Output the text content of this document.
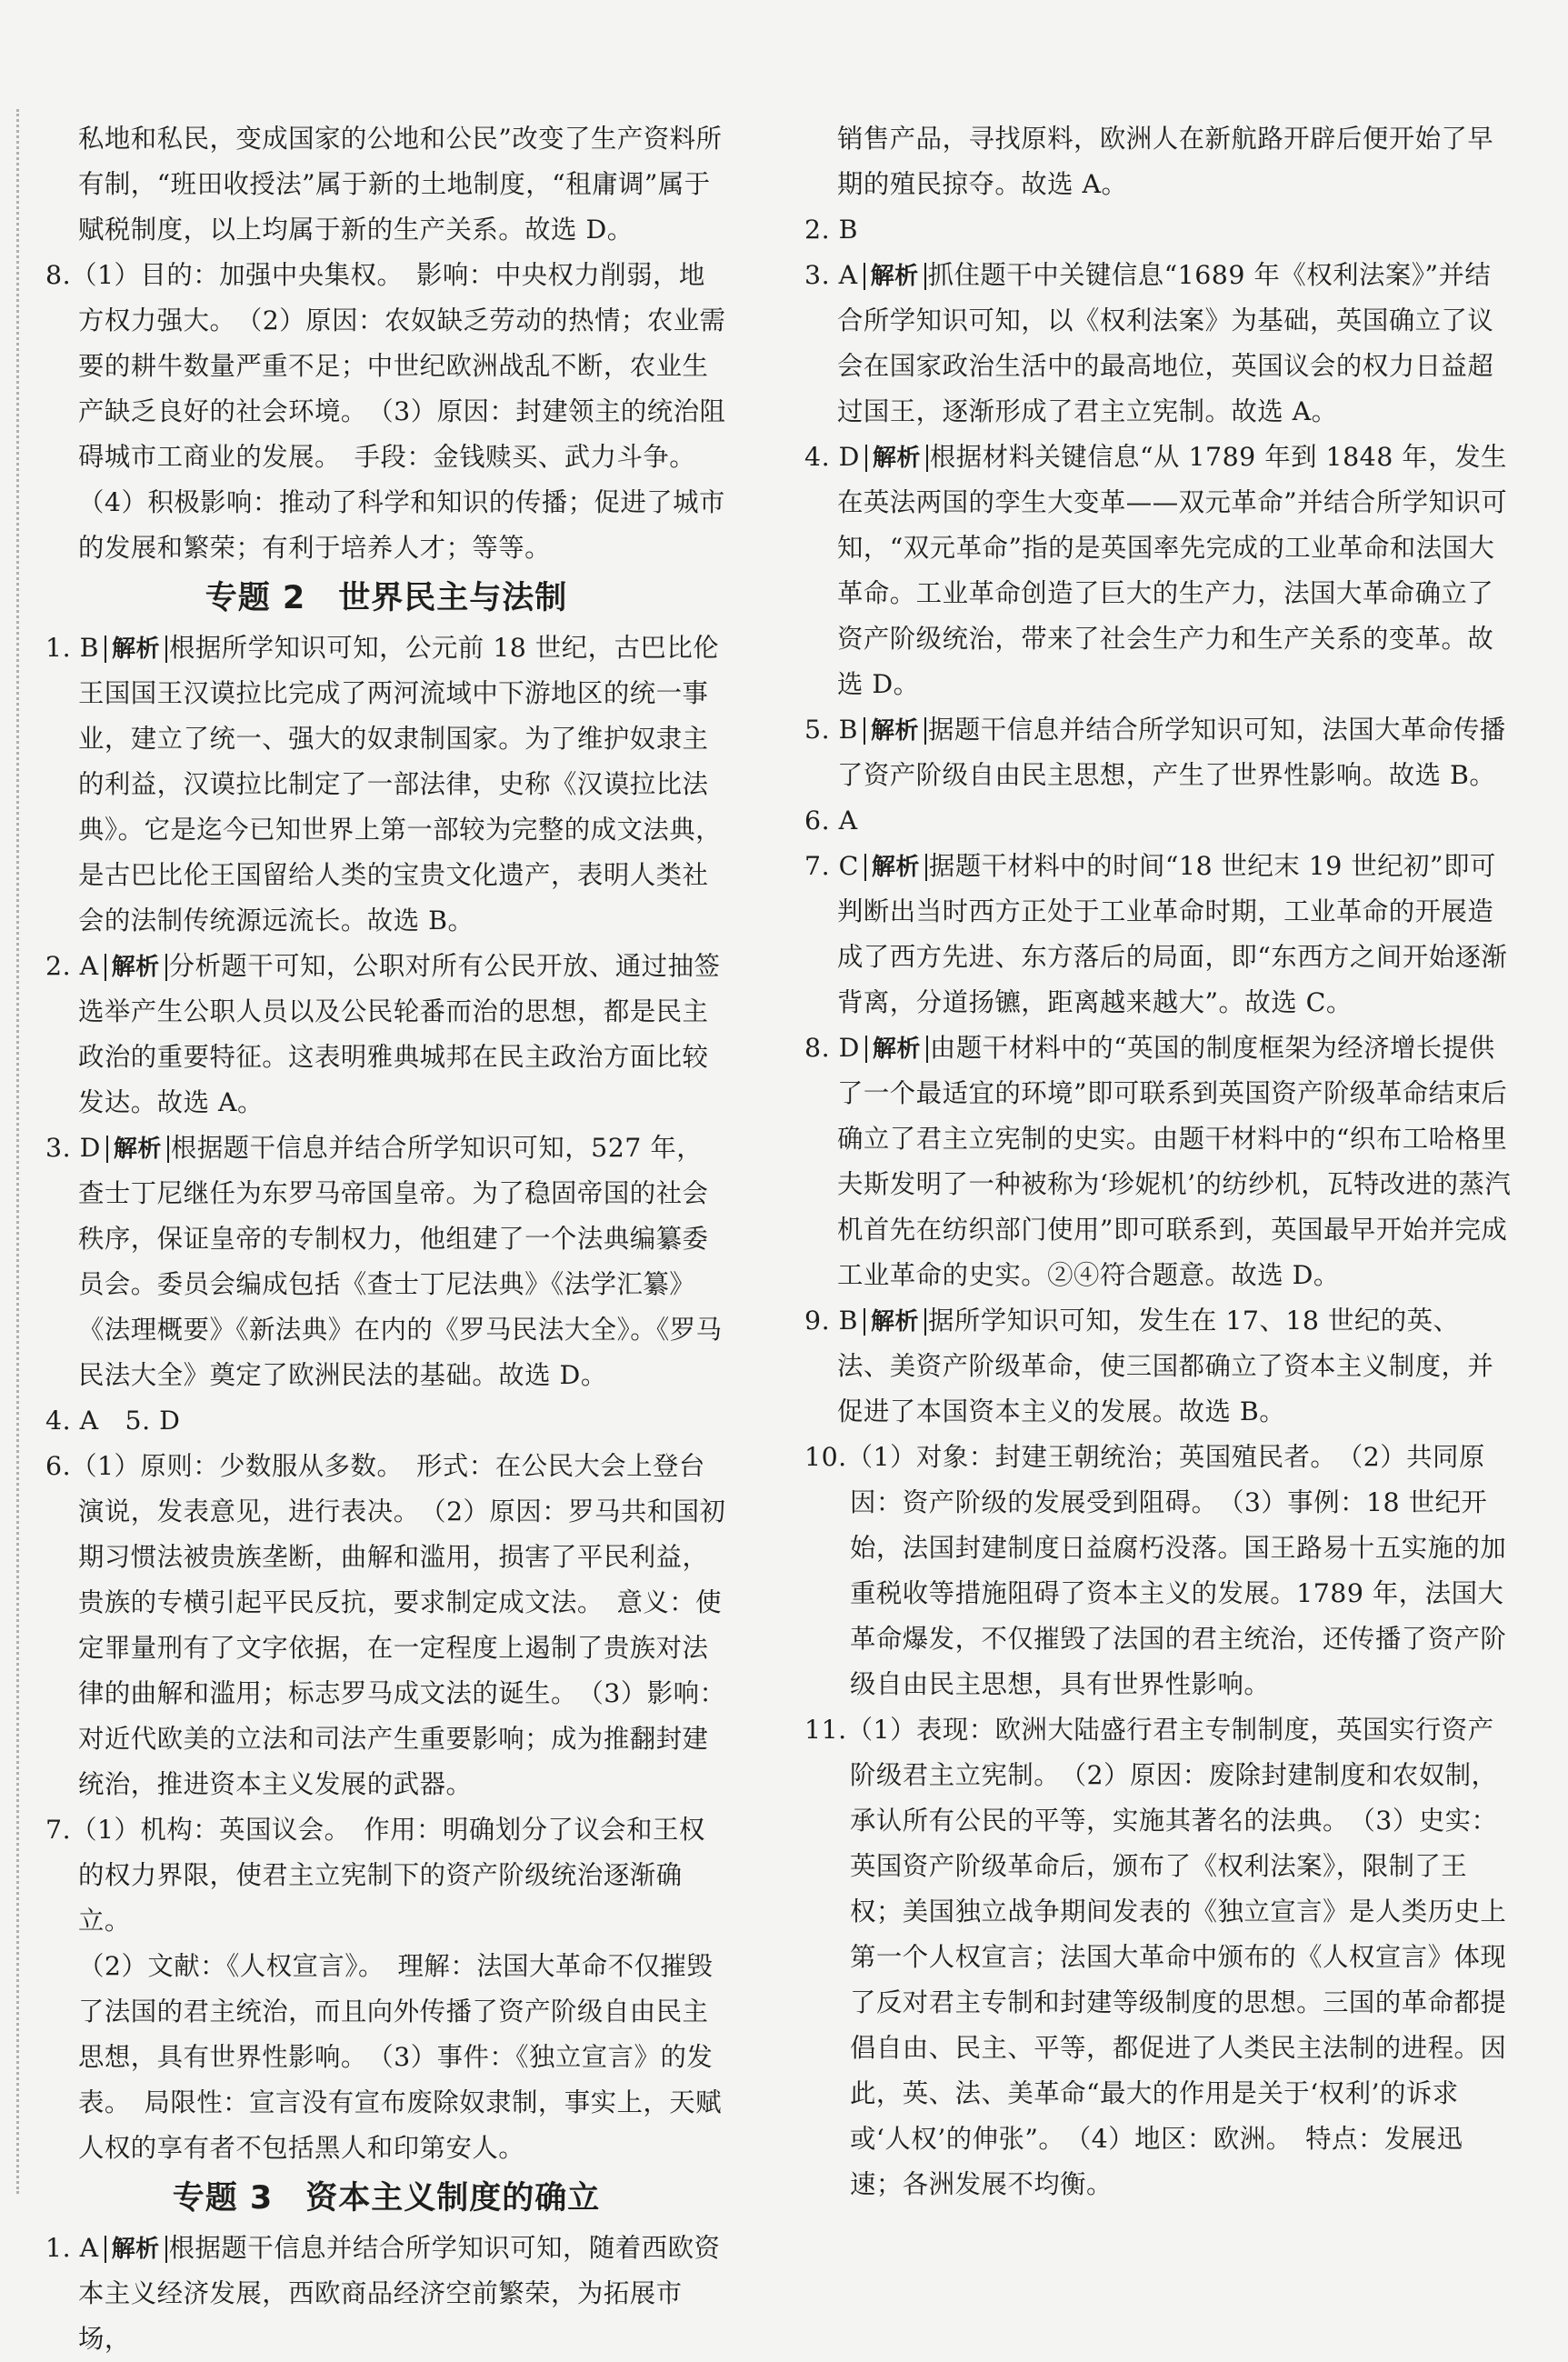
私地和私民，变成国家的公地和公民”改变了生产资料所有制，“班田收授法”属于新的土地制度，“租庸调”属于赋税制度，以上均属于新的生产关系。故选 D。

8.（1）目的：加强中央集权。　影响：中央权力削弱，地方权力强大。　（2）原因：农奴缺乏劳动的热情；农业需要的耕牛数量严重不足；中世纪欧洲战乱不断，农业生产缺乏良好的社会环境。　（3）原因：封建领主的统治阻碍城市工商业的发展。　手段：金钱赎买、武力斗争。　（4）积极影响：推动了科学和知识的传播；促进了城市的发展和繁荣；有利于培养人才；等等。

专题 2　世界民主与法制

1. B 解析 根据所学知识可知，公元前 18 世纪，古巴比伦王国国王汉谟拉比完成了两河流域中下游地区的统一事业，建立了统一、强大的奴隶制国家。为了维护奴隶主的利益，汉谟拉比制定了一部法律，史称《汉谟拉比法典》。它是迄今已知世界上第一部较为完整的成文法典，是古巴比伦王国留给人类的宝贵文化遗产，表明人类社会的法制传统源远流长。故选 B。

2. A 解析 分析题干可知，公职对所有公民开放、通过抽签选举产生公职人员以及公民轮番而治的思想，都是民主政治的重要特征。这表明雅典城邦在民主政治方面比较发达。故选 A。

3. D 解析 根据题干信息并结合所学知识可知，527 年，查士丁尼继任为东罗马帝国皇帝。为了稳固帝国的社会秩序，保证皇帝的专制权力，他组建了一个法典编纂委员会。委员会编成包括《查士丁尼法典》《法学汇纂》《法理概要》《新法典》在内的《罗马民法大全》。《罗马民法大全》奠定了欧洲民法的基础。故选 D。

4. A　5. D

6.（1）原则：少数服从多数。　形式：在公民大会上登台演说，发表意见，进行表决。　（2）原因：罗马共和国初期习惯法被贵族垄断，曲解和滥用，损害了平民利益，贵族的专横引起平民反抗，要求制定成文法。　意义：使定罪量刑有了文字依据，在一定程度上遏制了贵族对法律的曲解和滥用；标志罗马成文法的诞生。　（3）影响：对近代欧美的立法和司法产生重要影响；成为推翻封建统治，推进资本主义发展的武器。

7.（1）机构：英国议会。　作用：明确划分了议会和王权的权力界限，使君主立宪制下的资产阶级统治逐渐确立。

（2）文献：《人权宣言》。　理解：法国大革命不仅摧毁了法国的君主统治，而且向外传播了资产阶级自由民主思想，具有世界性影响。　（3）事件：《独立宣言》的发表。　局限性：宣言没有宣布废除奴隶制，事实上，天赋人权的享有者不包括黑人和印第安人。

专题 3　资本主义制度的确立

1. A 解析 根据题干信息并结合所学知识可知，随着西欧资本主义经济发展，西欧商品经济空前繁荣，为拓展市场，

销售产品，寻找原料，欧洲人在新航路开辟后便开始了早期的殖民掠夺。故选 A。

2. B

3. A 解析 抓住题干中关键信息“1689 年《权利法案》”并结合所学知识可知，以《权利法案》为基础，英国确立了议会在国家政治生活中的最高地位，英国议会的权力日益超过国王，逐渐形成了君主立宪制。故选 A。

4. D 解析 根据材料关键信息“从 1789 年到 1848 年，发生在英法两国的孪生大变革——双元革命”并结合所学知识可知，“双元革命”指的是英国率先完成的工业革命和法国大革命。工业革命创造了巨大的生产力，法国大革命确立了资产阶级统治，带来了社会生产力和生产关系的变革。故选 D。

5. B 解析 据题干信息并结合所学知识可知，法国大革命传播了资产阶级自由民主思想，产生了世界性影响。故选 B。

6. A

7. C 解析 据题干材料中的时间“18 世纪末 19 世纪初”即可判断出当时西方正处于工业革命时期，工业革命的开展造成了西方先进、东方落后的局面，即“东西方之间开始逐渐背离，分道扬镳，距离越来越大”。故选 C。

8. D 解析 由题干材料中的“英国的制度框架为经济增长提供了一个最适宜的环境”即可联系到英国资产阶级革命结束后确立了君主立宪制的史实。由题干材料中的“织布工哈格里夫斯发明了一种被称为‘珍妮机’的纺纱机，瓦特改进的蒸汽机首先在纺织部门使用”即可联系到，英国最早开始并完成工业革命的史实。②④符合题意。故选 D。

9. B 解析 据所学知识可知，发生在 17、18 世纪的英、法、美资产阶级革命，使三国都确立了资本主义制度，并促进了本国资本主义的发展。故选 B。

10.（1）对象：封建王朝统治；英国殖民者。　（2）共同原因：资产阶级的发展受到阻碍。　（3）事例：18 世纪开始，法国封建制度日益腐朽没落。国王路易十五实施的加重税收等措施阻碍了资本主义的发展。1789 年，法国大革命爆发，不仅摧毁了法国的君主统治，还传播了资产阶级自由民主思想，具有世界性影响。

11.（1）表现：欧洲大陆盛行君主专制制度，英国实行资产阶级君主立宪制。　（2）原因：废除封建制度和农奴制，承认所有公民的平等，实施其著名的法典。　（3）史实：英国资产阶级革命后，颁布了《权利法案》，限制了王权；美国独立战争期间发表的《独立宣言》是人类历史上第一个人权宣言；法国大革命中颁布的《人权宣言》体现了反对君主专制和封建等级制度的思想。三国的革命都提倡自由、民主、平等，都促进了人类民主法制的进程。因此，英、法、美革命“最大的作用是关于‘权利’的诉求或‘人权’的伸张”。　（4）地区：欧洲。　特点：发展迅速；各洲发展不均衡。
